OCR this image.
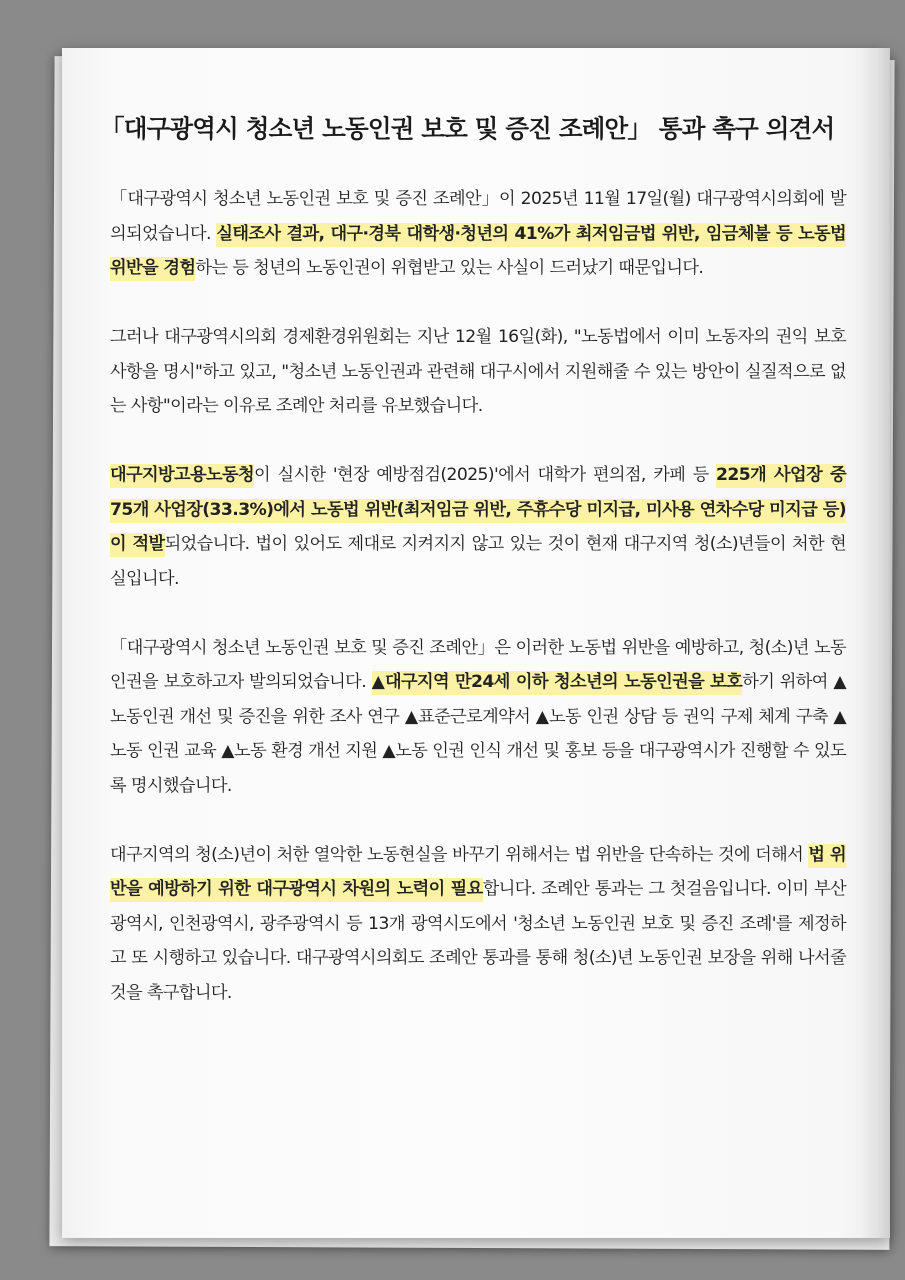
「대구광역시 청소년 노동인권 보호 및 증진 조례안」 통과 촉구 의견서

「대구광역시 청소년 노동인권 보호 및 증진 조례안」이 2025년 11월 17일(월) 대구광역시의회에 발의되었습니다. 실태조사 결과, 대구·경북 대학생·청년의 41%가 최저임금법 위반, 임금체불 등 노동법 위반을 경험하는 등 청년의 노동인권이 위협받고 있는 사실이 드러났기 때문입니다.

그러나 대구광역시의회 경제환경위원회는 지난 12월 16일(화), "노동법에서 이미 노동자의 권익 보호 사항을 명시"하고 있고, "청소년 노동인권과 관련해 대구시에서 지원해줄 수 있는 방안이 실질적으로 없는 사항"이라는 이유로 조례안 처리를 유보했습니다.

대구지방고용노동청이 실시한 '현장 예방점검(2025)'에서 대학가 편의점, 카페 등 225개 사업장 중 75개 사업장(33.3%)에서 노동법 위반(최저임금 위반, 주휴수당 미지급, 미사용 연차수당 미지급 등)이 적발되었습니다. 법이 있어도 제대로 지켜지지 않고 있는 것이 현재 대구지역 청(소)년들이 처한 현실입니다.

「대구광역시 청소년 노동인권 보호 및 증진 조례안」은 이러한 노동법 위반을 예방하고, 청(소)년 노동인권을 보호하고자 발의되었습니다. ▲대구지역 만24세 이하 청소년의 노동인권을 보호하기 위하여 ▲노동인권 개선 및 증진을 위한 조사 연구 ▲표준근로계약서 ▲노동 인권 상담 등 권익 구제 체계 구축 ▲노동 인권 교육 ▲노동 환경 개선 지원 ▲노동 인권 인식 개선 및 홍보 등을 대구광역시가 진행할 수 있도록 명시했습니다.

대구지역의 청(소)년이 처한 열악한 노동현실을 바꾸기 위해서는 법 위반을 단속하는 것에 더해서 법 위반을 예방하기 위한 대구광역시 차원의 노력이 필요합니다. 조례안 통과는 그 첫걸음입니다. 이미 부산광역시, 인천광역시, 광주광역시 등 13개 광역시도에서 '청소년 노동인권 보호 및 증진 조례'를 제정하고 또 시행하고 있습니다. 대구광역시의회도 조례안 통과를 통해 청(소)년 노동인권 보장을 위해 나서줄 것을 촉구합니다.
